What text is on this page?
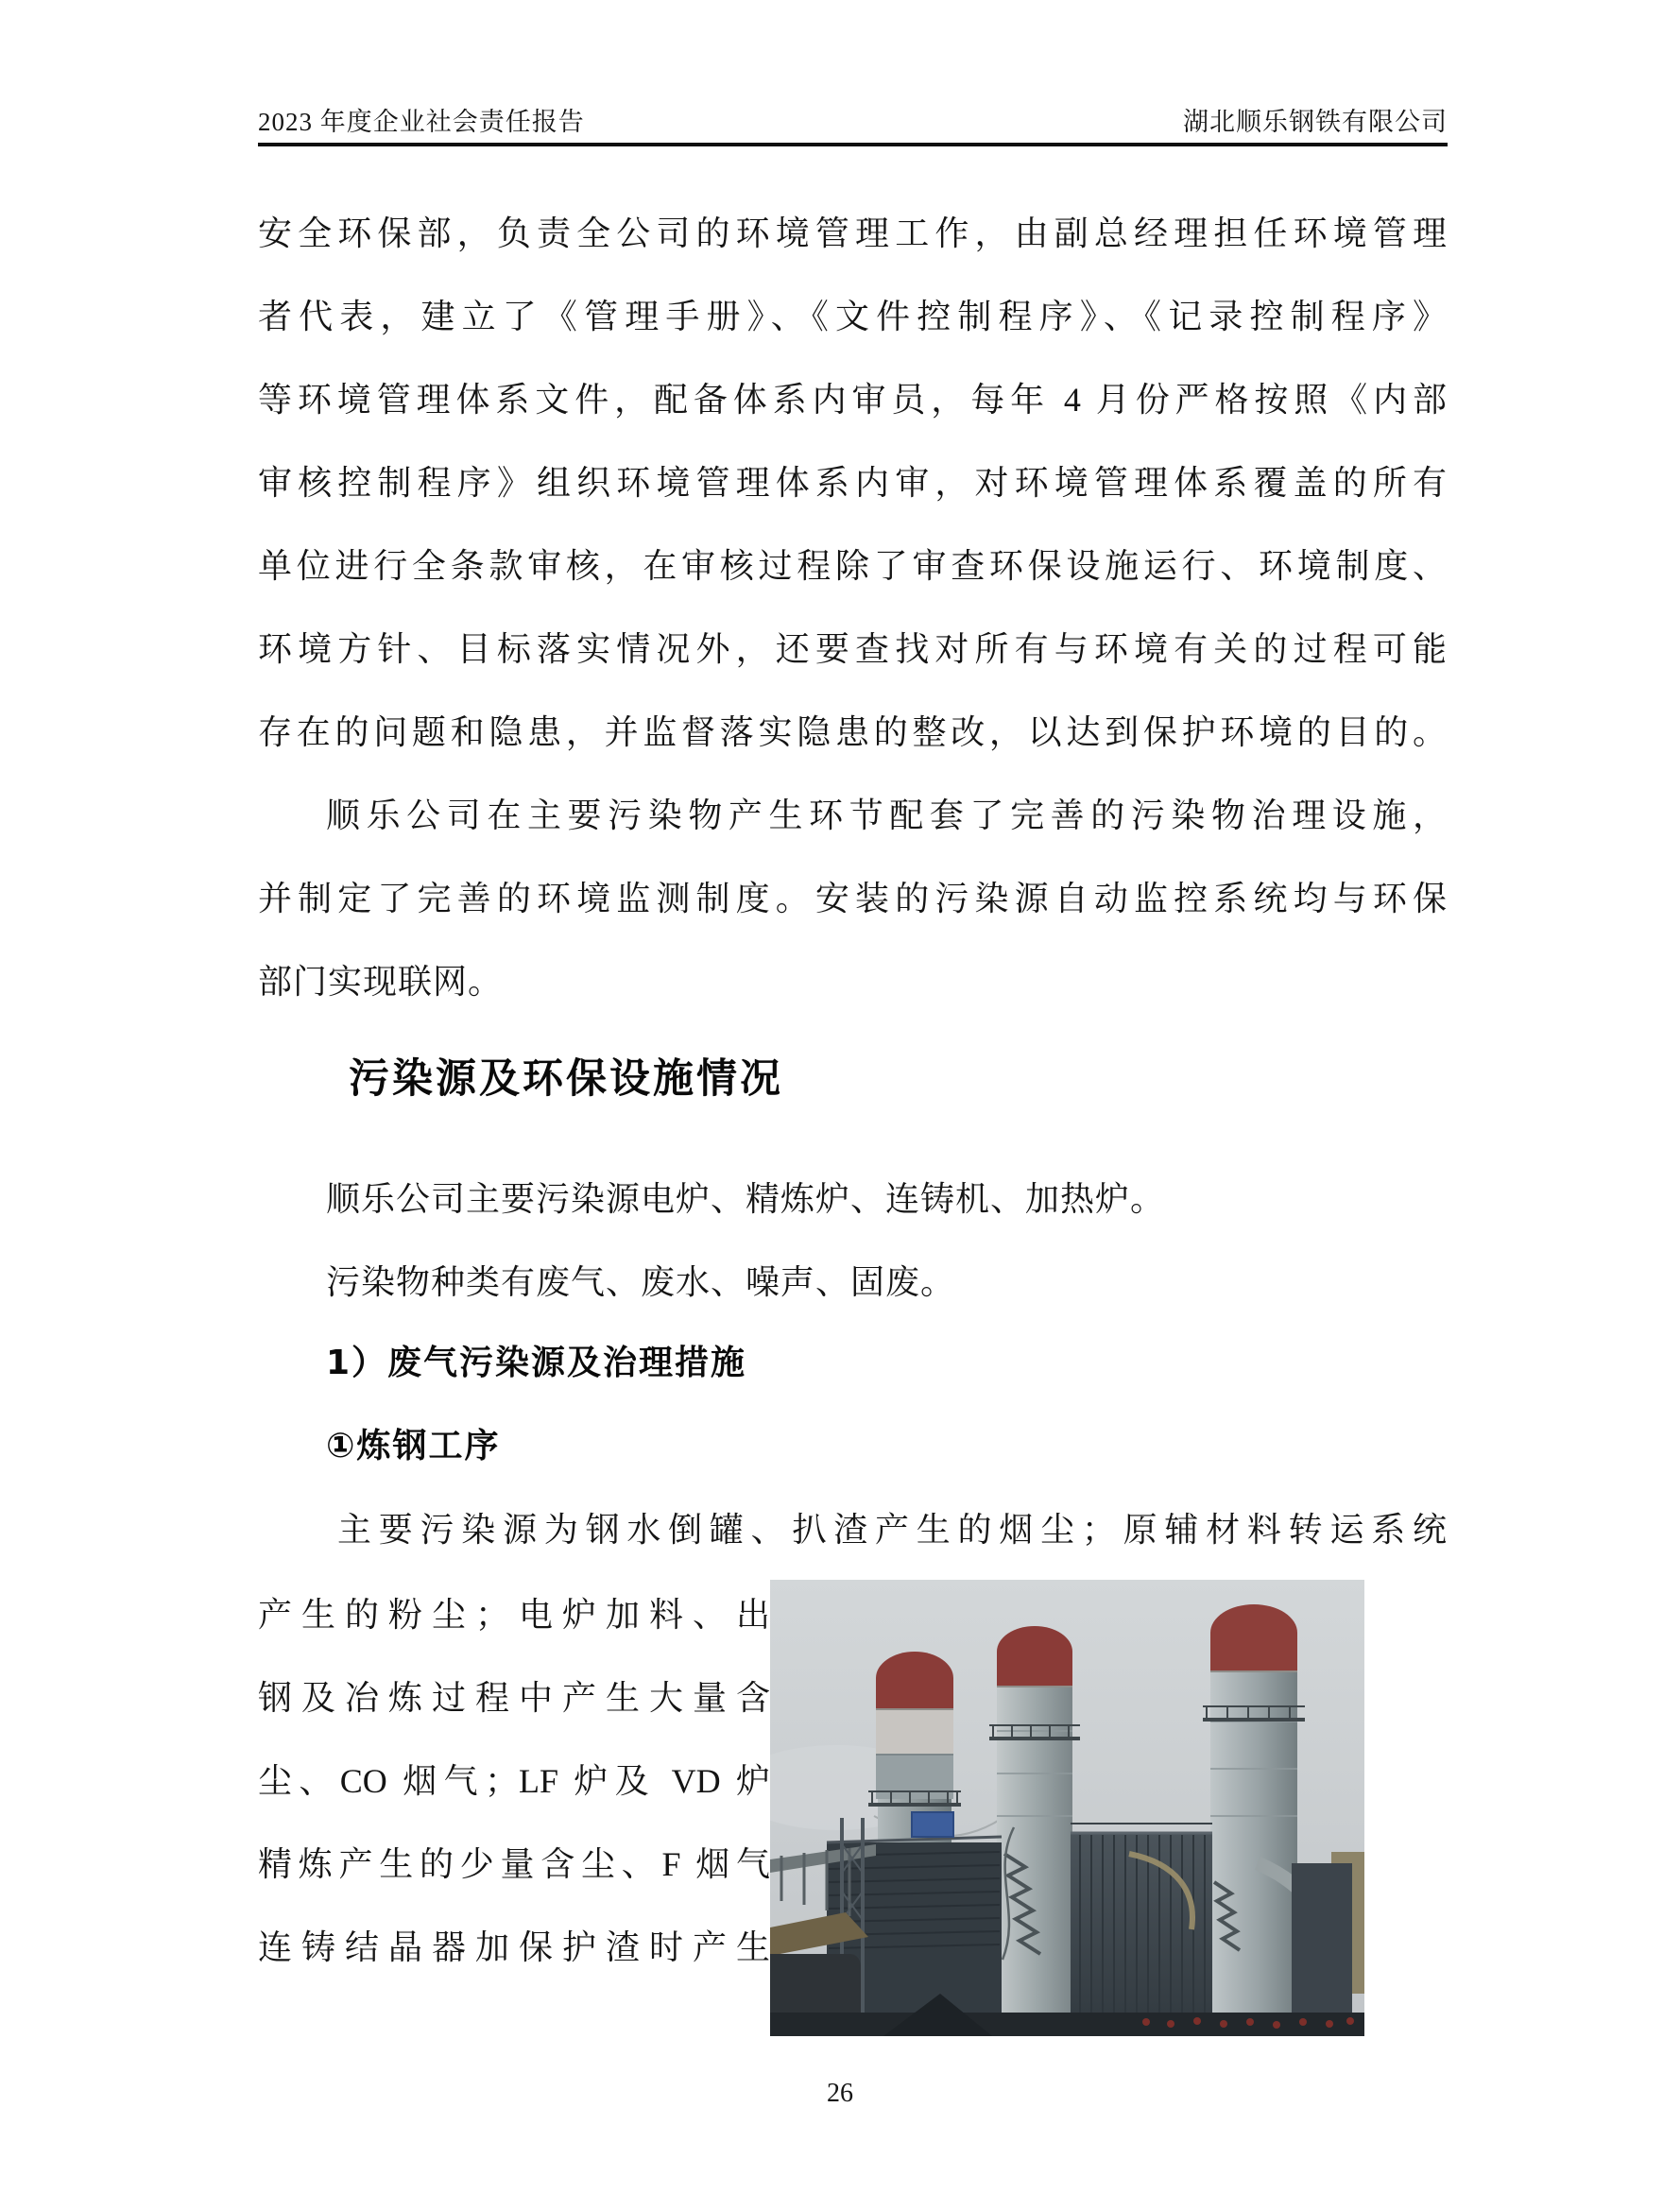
2023 年度企业社会责任报告	湖北顺乐钢铁有限公司
安全环保部，负责全公司的环境管理工作，由副总经理担任环境管理
者代表，建立了《管理手册》、《文件控制程序》、《记录控制程序》
等环境管理体系文件，配备体系内审员，每年 4 月份严格按照《内部
审核控制程序》组织环境管理体系内审，对环境管理体系覆盖的所有
单位进行全条款审核，在审核过程除了审查环保设施运行、环境制度、
环境方针、目标落实情况外，还要查找对所有与环境有关的过程可能
存在的问题和隐患，并监督落实隐患的整改，以达到保护环境的目的。
顺乐公司在主要污染物产生环节配套了完善的污染物治理设施，
并制定了完善的环境监测制度。安装的污染源自动监控系统均与环保
部门实现联网。
污染源及环保设施情况
顺乐公司主要污染源电炉、精炼炉、连铸机、加热炉。
污染物种类有废气、废水、噪声、固废。
1）废气污染源及治理措施
①炼钢工序
主要污染源为钢水倒罐、扒渣产生的烟尘；原辅材料转运系统
产生的粉尘；电炉加料、出
钢及冶炼过程中产生大量含
尘、CO 烟气；LF 炉及 VD 炉
精炼产生的少量含尘、F 烟气
连铸结晶器加保护渣时产生
26
